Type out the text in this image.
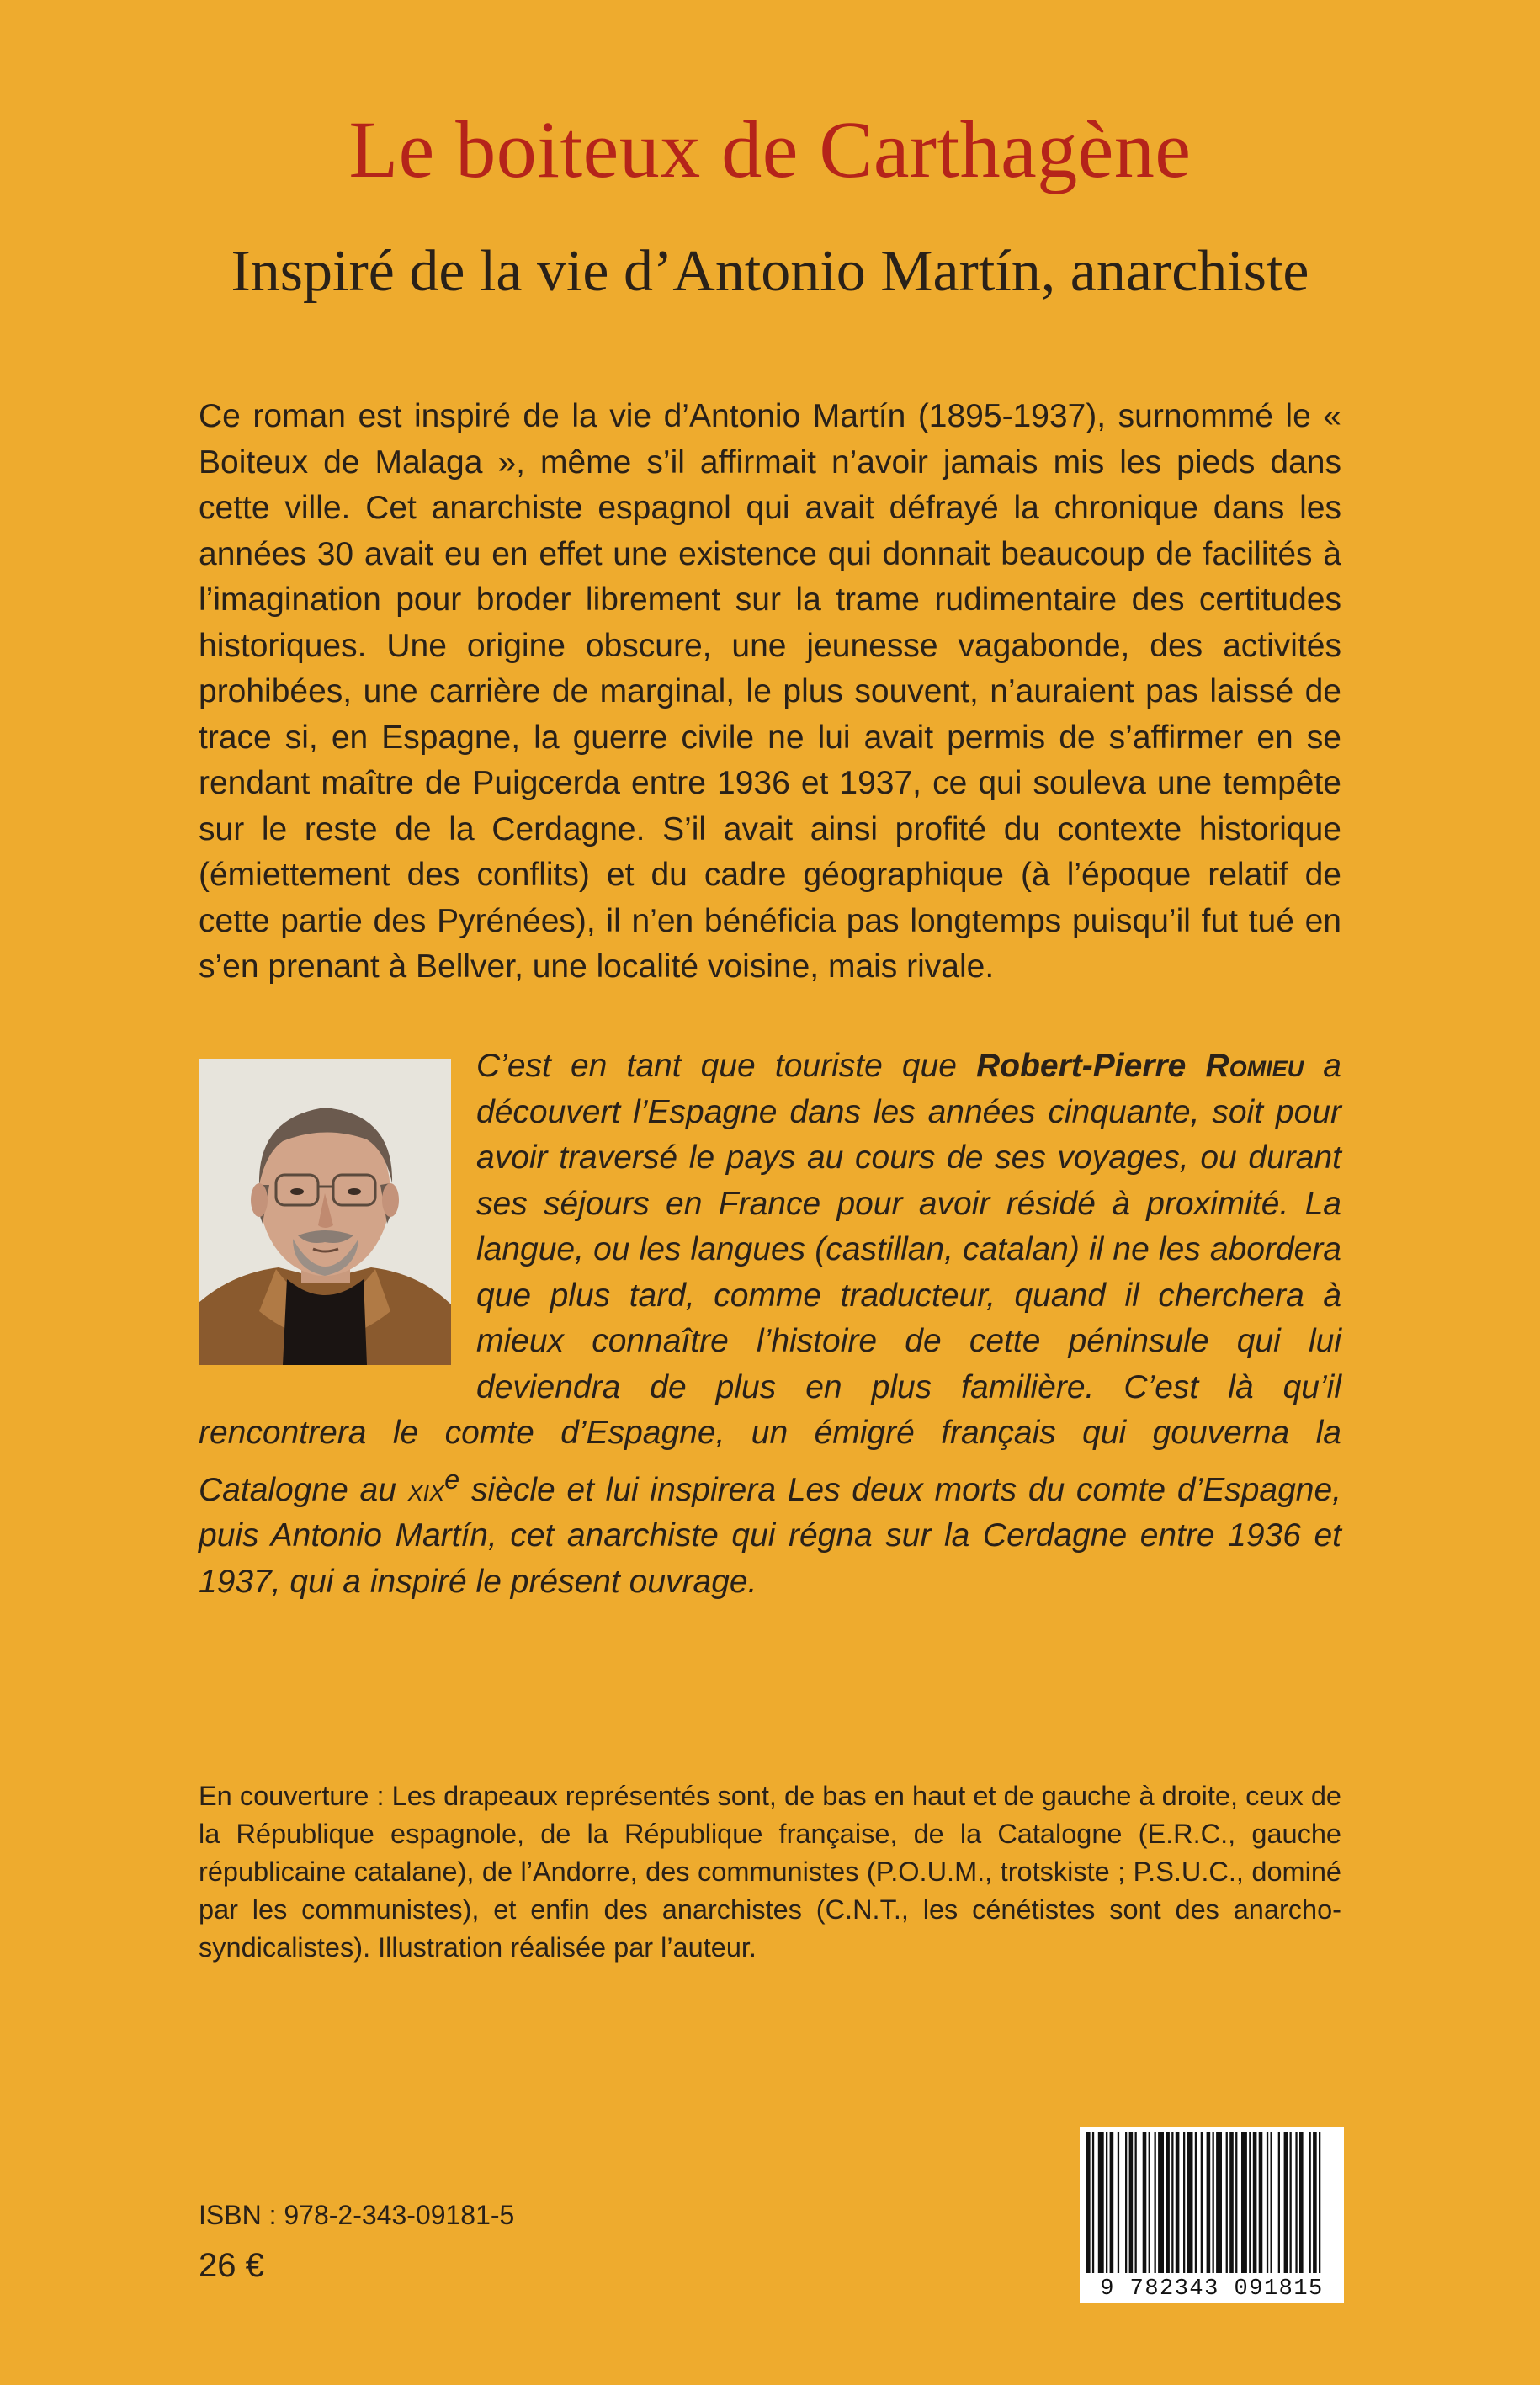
Le boiteux de Carthagène
Inspiré de la vie d’Antonio Martín, anarchiste

Ce roman est inspiré de la vie d’Antonio Martín (1895-1937), surnommé le « Boiteux de Malaga », même s’il affirmait n’avoir jamais mis les pieds dans cette ville. Cet anarchiste espagnol qui avait défrayé la chronique dans les années 30 avait eu en effet une existence qui donnait beaucoup de facilités à l’imagination pour broder librement sur la trame rudimentaire des certitudes historiques. Une origine obscure, une jeunesse vagabonde, des activités prohibées, une carrière de marginal, le plus souvent, n’auraient pas laissé de trace si, en Espagne, la guerre civile ne lui avait permis de s’affirmer en se rendant maître de Puigcerda entre 1936 et 1937, ce qui souleva une tempête sur le reste de la Cerdagne. S’il avait ainsi profité du contexte historique (émiettement des conflits) et du cadre géographique (à l’époque relatif de cette partie des Pyrénées), il n’en bénéficia pas longtemps puisqu’il fut tué en s’en prenant à Bellver, une localité voisine, mais rivale.

C’est en tant que touriste que Robert-Pierre Romieu a découvert l’Espagne dans les années cinquante, soit pour avoir traversé le pays au cours de ses voyages, ou durant ses séjours en France pour avoir résidé à proximité. La langue, ou les langues (castillan, catalan) il ne les abordera que plus tard, comme traducteur, quand il cherchera à mieux connaître l’histoire de cette péninsule qui lui deviendra de plus en plus familière. C’est là qu’il rencontrera le comte d’Espagne, un émigré français qui gouverna la Catalogne au xix$^e$ siècle et lui inspirera Les deux morts du comte d’Espagne, puis Antonio Martín, cet anarchiste qui régna sur la Cerdagne entre 1936 et 1937, qui a inspiré le présent ouvrage.

En couverture : Les drapeaux représentés sont, de bas en haut et de gauche à droite, ceux de la République espagnole, de la République française, de la Catalogne (E.R.C., gauche républicaine catalane), de l’Andorre, des communistes (P.O.U.M., trotskiste ; P.S.U.C., dominé par les communistes), et enfin des anarchistes (C.N.T., les cénétistes sont des anarcho-syndicalistes). Illustration réalisée par l’auteur.

ISBN : 978-2-343-09181-5
26 €
9 782343 091815
